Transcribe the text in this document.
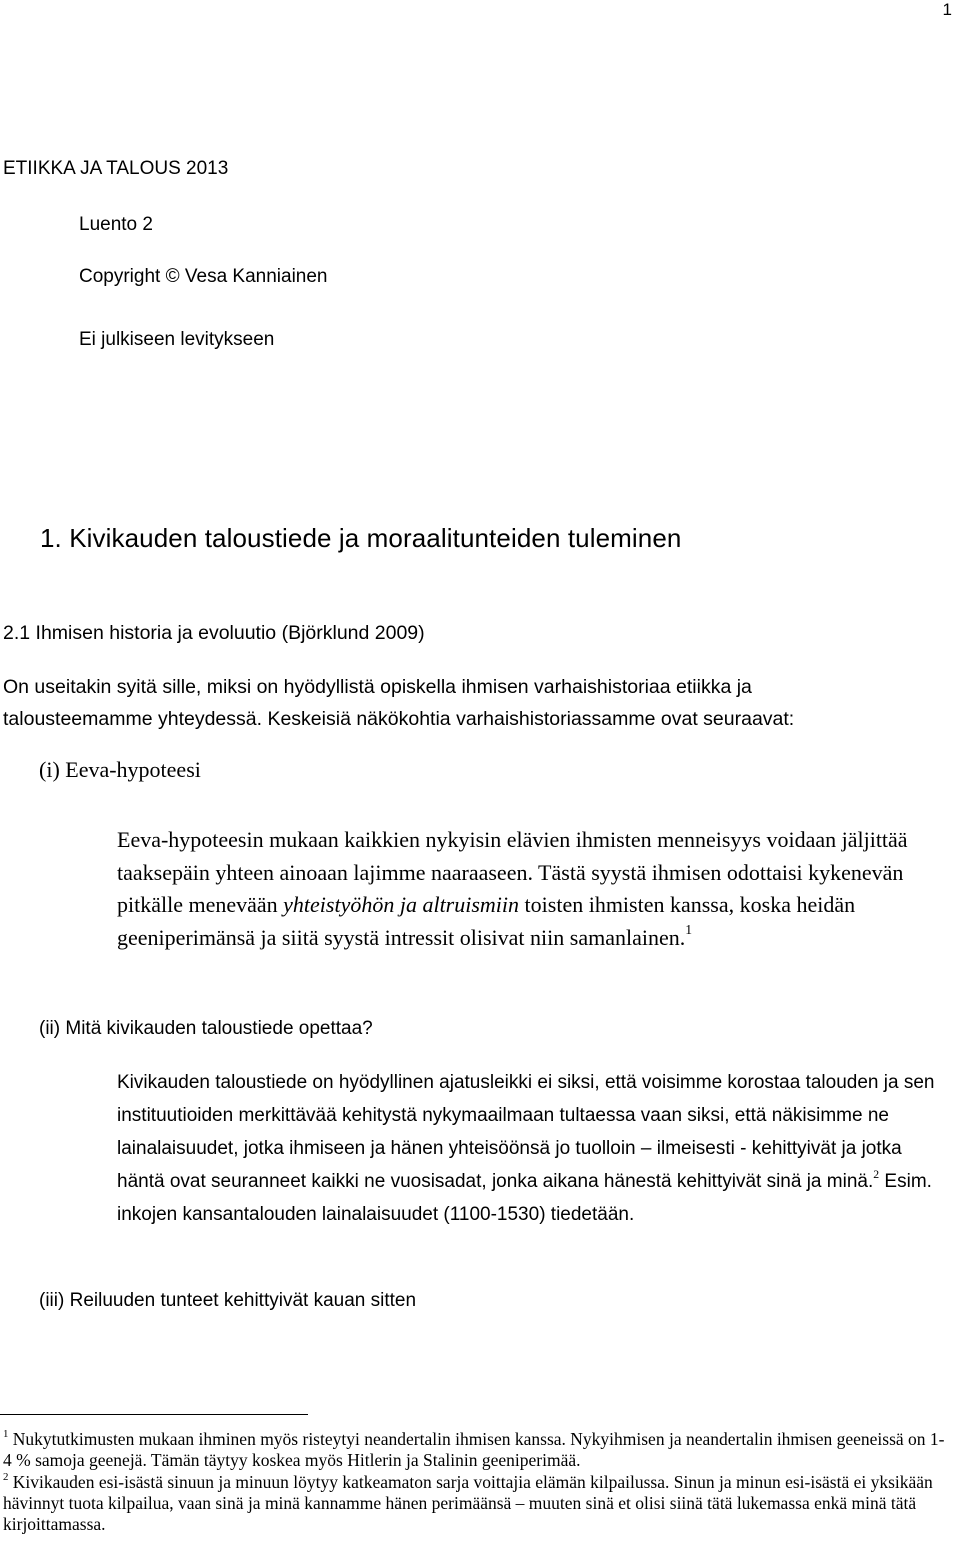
1
ETIIKKA JA TALOUS 2013
Luento 2
Copyright © Vesa Kanniainen
Ei julkiseen levitykseen
1. Kivikauden taloustiede ja moraalitunteiden tuleminen
2.1 Ihmisen historia ja evoluutio (Björklund 2009)
On useitakin syitä sille, miksi on hyödyllistä opiskella ihmisen varhaishistoriaa etiikka ja
talousteemamme yhteydessä. Keskeisiä näkökohtia varhaishistoriassamme ovat seuraavat:
(i) Eeva-hypoteesi
Eeva-hypoteesin mukaan kaikkien nykyisin elävien ihmisten menneisyys voidaan jäljittää taaksepäin yhteen ainoaan lajimme naaraaseen. Tästä syystä ihmisen odottaisi kykenevän pitkälle menevään yhteistyöhön ja altruismiin toisten ihmisten kanssa, koska heidän geeniperimänsä ja siitä syystä intressit olisivat niin samanlainen.$^1$
(ii) Mitä kivikauden taloustiede opettaa?
Kivikauden taloustiede on hyödyllinen ajatusleikki ei siksi, että voisimme korostaa talouden ja sen instituutioiden merkittävää kehitystä nykymaailmaan tultaessa vaan siksi, että näkisimme ne lainalaisuudet, jotka ihmiseen ja hänen yhteisöönsä jo tuolloin – ilmeisesti - kehittyivät ja jotka häntä ovat seuranneet kaikki ne vuosisadat, jonka aikana hänestä kehittyivät sinä ja minä.$^2$ Esim. inkojen kansantalouden lainalaisuudet (1100-1530) tiedetään.
(iii) Reiluuden tunteet kehittyivät kauan sitten
$^1$ Nukytutkimusten mukaan ihminen myös risteytyi neandertalin ihmisen kanssa. Nykyihmisen ja neandertalin ihmisen geeneissä on 1-4 % samoja geenejä. Tämän täytyy koskea myös Hitlerin ja Stalinin geeniperimää.
$^2$ Kivikauden esi-isästä sinuun ja minuun löytyy katkeamaton sarja voittajia elämän kilpailussa. Sinun ja minun esi-isästä ei yksikään hävinnyt tuota kilpailua, vaan sinä ja minä kannamme hänen perimäänsä – muuten sinä et olisi siinä tätä lukemassa enkä minä tätä kirjoittamassa.
